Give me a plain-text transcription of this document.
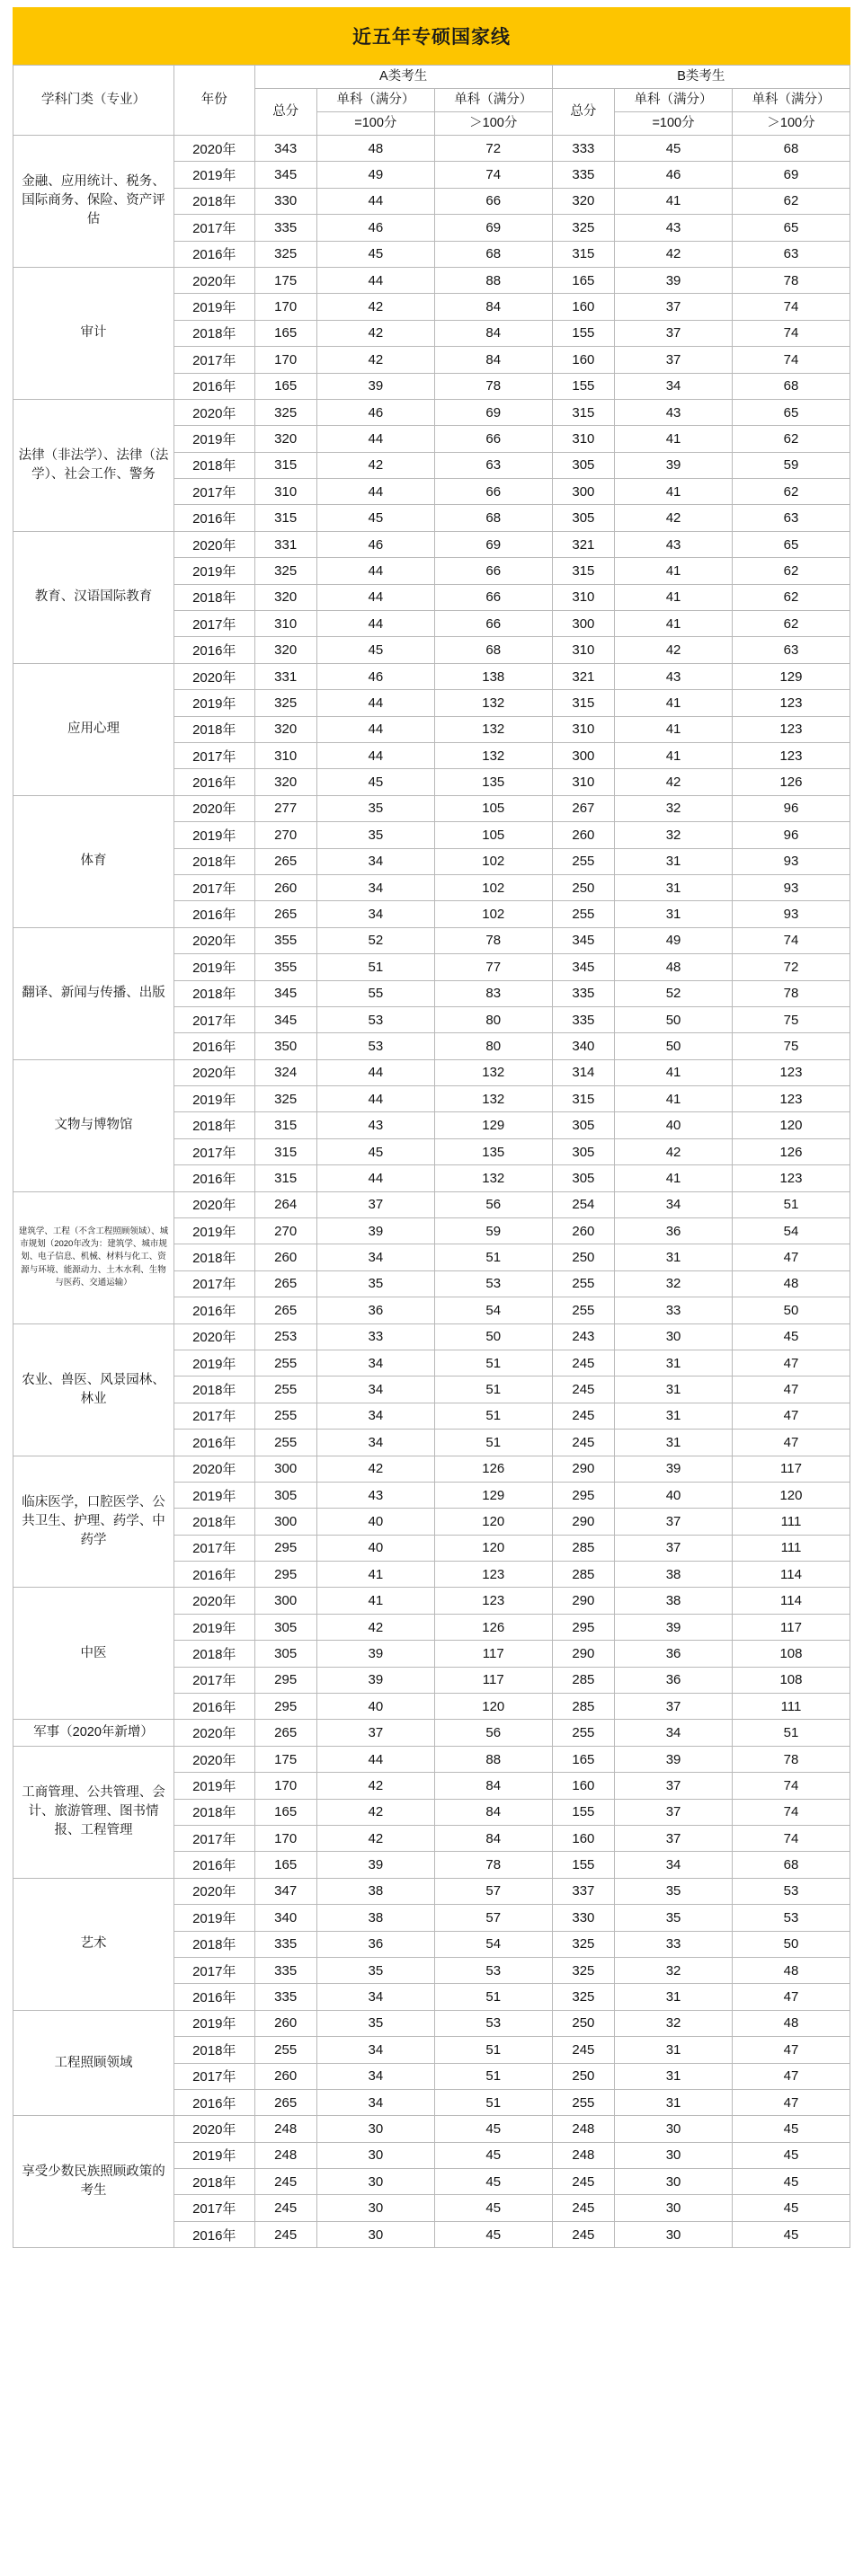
近五年专硕国家线
学科门类（专业）	年份	A类考生			B类考生		
		总分	单科（满分）	单科（满分）	总分	单科（满分）	单科（满分）
			=100分	＞100分		=100分	＞100分
金融、应用统计、税务、国际商务、保险、资产评估	2020年	343	48	72	333	45	68
	2019年	345	49	74	335	46	69
	2018年	330	44	66	320	41	62
	2017年	335	46	69	325	43	65
	2016年	325	45	68	315	42	63
审计	2020年	175	44	88	165	39	78
	2019年	170	42	84	160	37	74
	2018年	165	42	84	155	37	74
	2017年	170	42	84	160	37	74
	2016年	165	39	78	155	34	68
法律（非法学）、法律（法学）、社会工作、警务	2020年	325	46	69	315	43	65
	2019年	320	44	66	310	41	62
	2018年	315	42	63	305	39	59
	2017年	310	44	66	300	41	62
	2016年	315	45	68	305	42	63
教育、汉语国际教育	2020年	331	46	69	321	43	65
	2019年	325	44	66	315	41	62
	2018年	320	44	66	310	41	62
	2017年	310	44	66	300	41	62
	2016年	320	45	68	310	42	63
应用心理	2020年	331	46	138	321	43	129
	2019年	325	44	132	315	41	123
	2018年	320	44	132	310	41	123
	2017年	310	44	132	300	41	123
	2016年	320	45	135	310	42	126
体育	2020年	277	35	105	267	32	96
	2019年	270	35	105	260	32	96
	2018年	265	34	102	255	31	93
	2017年	260	34	102	250	31	93
	2016年	265	34	102	255	31	93
翻译、新闻与传播、出版	2020年	355	52	78	345	49	74
	2019年	355	51	77	345	48	72
	2018年	345	55	83	335	52	78
	2017年	345	53	80	335	50	75
	2016年	350	53	80	340	50	75
文物与博物馆	2020年	324	44	132	314	41	123
	2019年	325	44	132	315	41	123
	2018年	315	43	129	305	40	120
	2017年	315	45	135	305	42	126
	2016年	315	44	132	305	41	123
建筑学、工程（不含工程照顾领域）、城市规划（2020年改为：建筑学、城市规划、电子信息、机械、材料与化工、资源与环境、能源动力、土木水利、生物与医药、交通运输）	2020年	264	37	56	254	34	51
	2019年	270	39	59	260	36	54
	2018年	260	34	51	250	31	47
	2017年	265	35	53	255	32	48
	2016年	265	36	54	255	33	50
农业、兽医、风景园林、林业	2020年	253	33	50	243	30	45
	2019年	255	34	51	245	31	47
	2018年	255	34	51	245	31	47
	2017年	255	34	51	245	31	47
	2016年	255	34	51	245	31	47
临床医学，口腔医学、公共卫生、护理、药学、中药学	2020年	300	42	126	290	39	117
	2019年	305	43	129	295	40	120
	2018年	300	40	120	290	37	111
	2017年	295	40	120	285	37	111
	2016年	295	41	123	285	38	114
中医	2020年	300	41	123	290	38	114
	2019年	305	42	126	295	39	117
	2018年	305	39	117	290	36	108
	2017年	295	39	117	285	36	108
	2016年	295	40	120	285	37	111
军事（2020年新增）	2020年	265	37	56	255	34	51
工商管理、公共管理、会计、旅游管理、图书情报、工程管理	2020年	175	44	88	165	39	78
	2019年	170	42	84	160	37	74
	2018年	165	42	84	155	37	74
	2017年	170	42	84	160	37	74
	2016年	165	39	78	155	34	68
艺术	2020年	347	38	57	337	35	53
	2019年	340	38	57	330	35	53
	2018年	335	36	54	325	33	50
	2017年	335	35	53	325	32	48
	2016年	335	34	51	325	31	47
工程照顾领域	2019年	260	35	53	250	32	48
	2018年	255	34	51	245	31	47
	2017年	260	34	51	250	31	47
	2016年	265	34	51	255	31	47
享受少数民族照顾政策的考生	2020年	248	30	45	248	30	45
	2019年	248	30	45	248	30	45
	2018年	245	30	45	245	30	45
	2017年	245	30	45	245	30	45
	2016年	245	30	45	245	30	45
